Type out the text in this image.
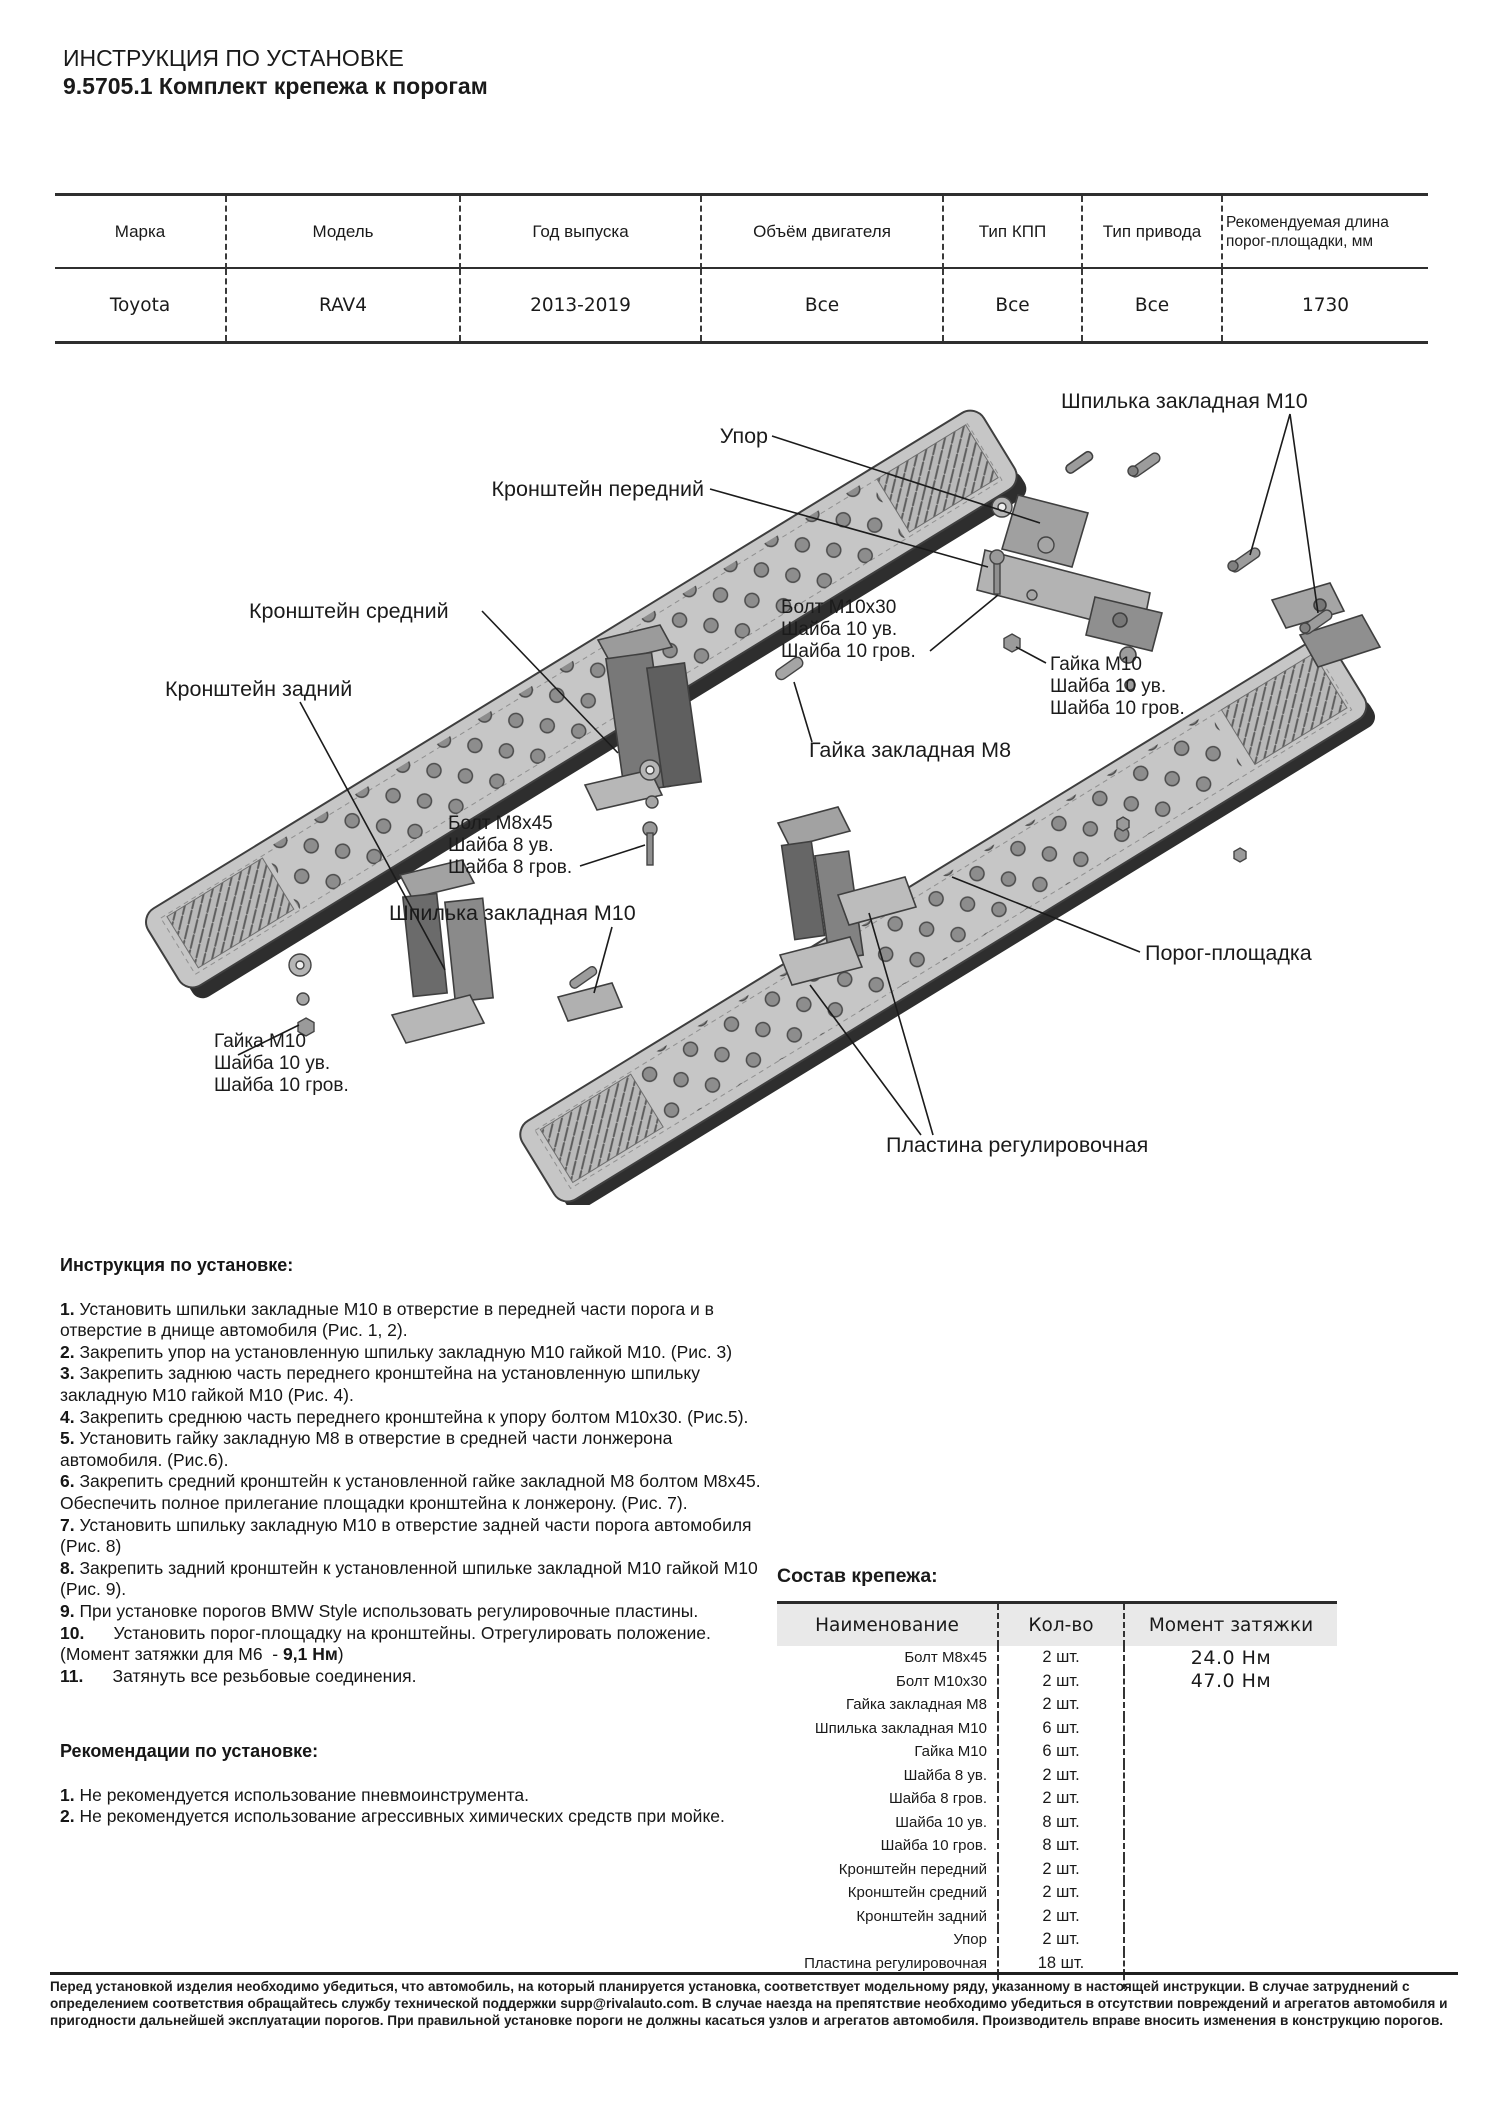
ИНСТРУКЦИЯ ПО УСТАНОВКЕ
9.5705.1 Комплект крепежа к порогам
Марка	Модель	Год выпуска	Объём двигателя	Тип КПП	Тип привода	Рекомендуемая длина порог-площадки, мм
Toyota	RAV4	2013-2019	Все	Все	Все	1730
Упор
Кронштейн передний
Шпилька закладная М10
Кронштейн средний	Болт М10х30
Шайба 10 ув.
Шайба 10 гров.
Гайка М10
Шайба 10 ув.
Шайба 10 гров.
Кронштейн задний
Гайка закладная М8
Болт М8х45
Шайба 8 ув.
Шайба 8 гров.
Шпилька закладная М10
Гайка М10
Шайба 10 ув.
Шайба 10 гров.
Порог-площадка
Пластина регулировочная
Инструкция по установке:

1. Установить шпильки закладные М10 в отверстие в передней части порога и в отверстие в днище автомобиля (Рис. 1, 2).

2. Закрепить упор на установленную шпильку закладную М10 гайкой М10. (Рис. 3)

3. Закрепить заднюю часть переднего кронштейна на установленную шпильку закладную М10 гайкой М10 (Рис. 4).

4. Закрепить среднюю часть переднего кронштейна к упору болтом М10х30. (Рис.5).

5. Установить гайку закладную М8 в отверстие в средней части лонжерона автомобиля. (Рис.6).

6. Закрепить средний кронштейн к установленной гайке закладной М8 болтом М8х45. Обеспечить полное прилегание площадки кронштейна к лонжерону. (Рис. 7).

7. Установить шпильку закладную М10 в отверстие задней части порога автомобиля (Рис. 8)

8. Закрепить задний кронштейн к установленной шпильке закладной М10 гайкой М10 (Рис. 9).

9. При установке порогов BMW Style использовать регулировочные пластины.

10.      Установить порог-площадку на кронштейны. Отрегулировать положение. (Момент затяжки для М6  - 9,1 Нм)

11.      Затянуть все резьбовые соединения.

Рекомендации по установке:

1. Не рекомендуется использование пневмоинструмента.

2. Не рекомендуется использование агрессивных химических средств при мойке.

Состав крепежа:
Наименование	Кол-во	Момент затяжки
Болт М8х45	2 шт.	24.0 Нм
Болт М10х30	2 шт.	47.0 Нм
Гайка закладная М8	2 шт.
Шпилька закладная М10	6 шт.
Гайка М10	6 шт.
Шайба 8 ув.	2 шт.
Шайба 8 гров.	2 шт.
Шайба 10 ув.	8 шт.
Шайба 10 гров.	8 шт.
Кронштейн передний	2 шт.
Кронштейн средний	2 шт.
Кронштейн задний	2 шт.
Упор	2 шт.
Пластина регулировочная	18 шт.

Перед установкой изделия необходимо убедиться, что автомобиль, на который планируется установка, соответствует модельному ряду, указанному в настоящей инструкции. В случае затруднений с определением соответствия обращайтесь службу технической поддержки supp@rivalauto.com. В случае наезда на препятствие необходимо убедиться в отсутствии повреждений и агрегатов автомобиля и пригодности дальнейшей эксплуатации порогов. При правильной установке пороги не должны касаться узлов и агрегатов автомобиля. Производитель вправе вносить изменения в конструкцию порогов.
